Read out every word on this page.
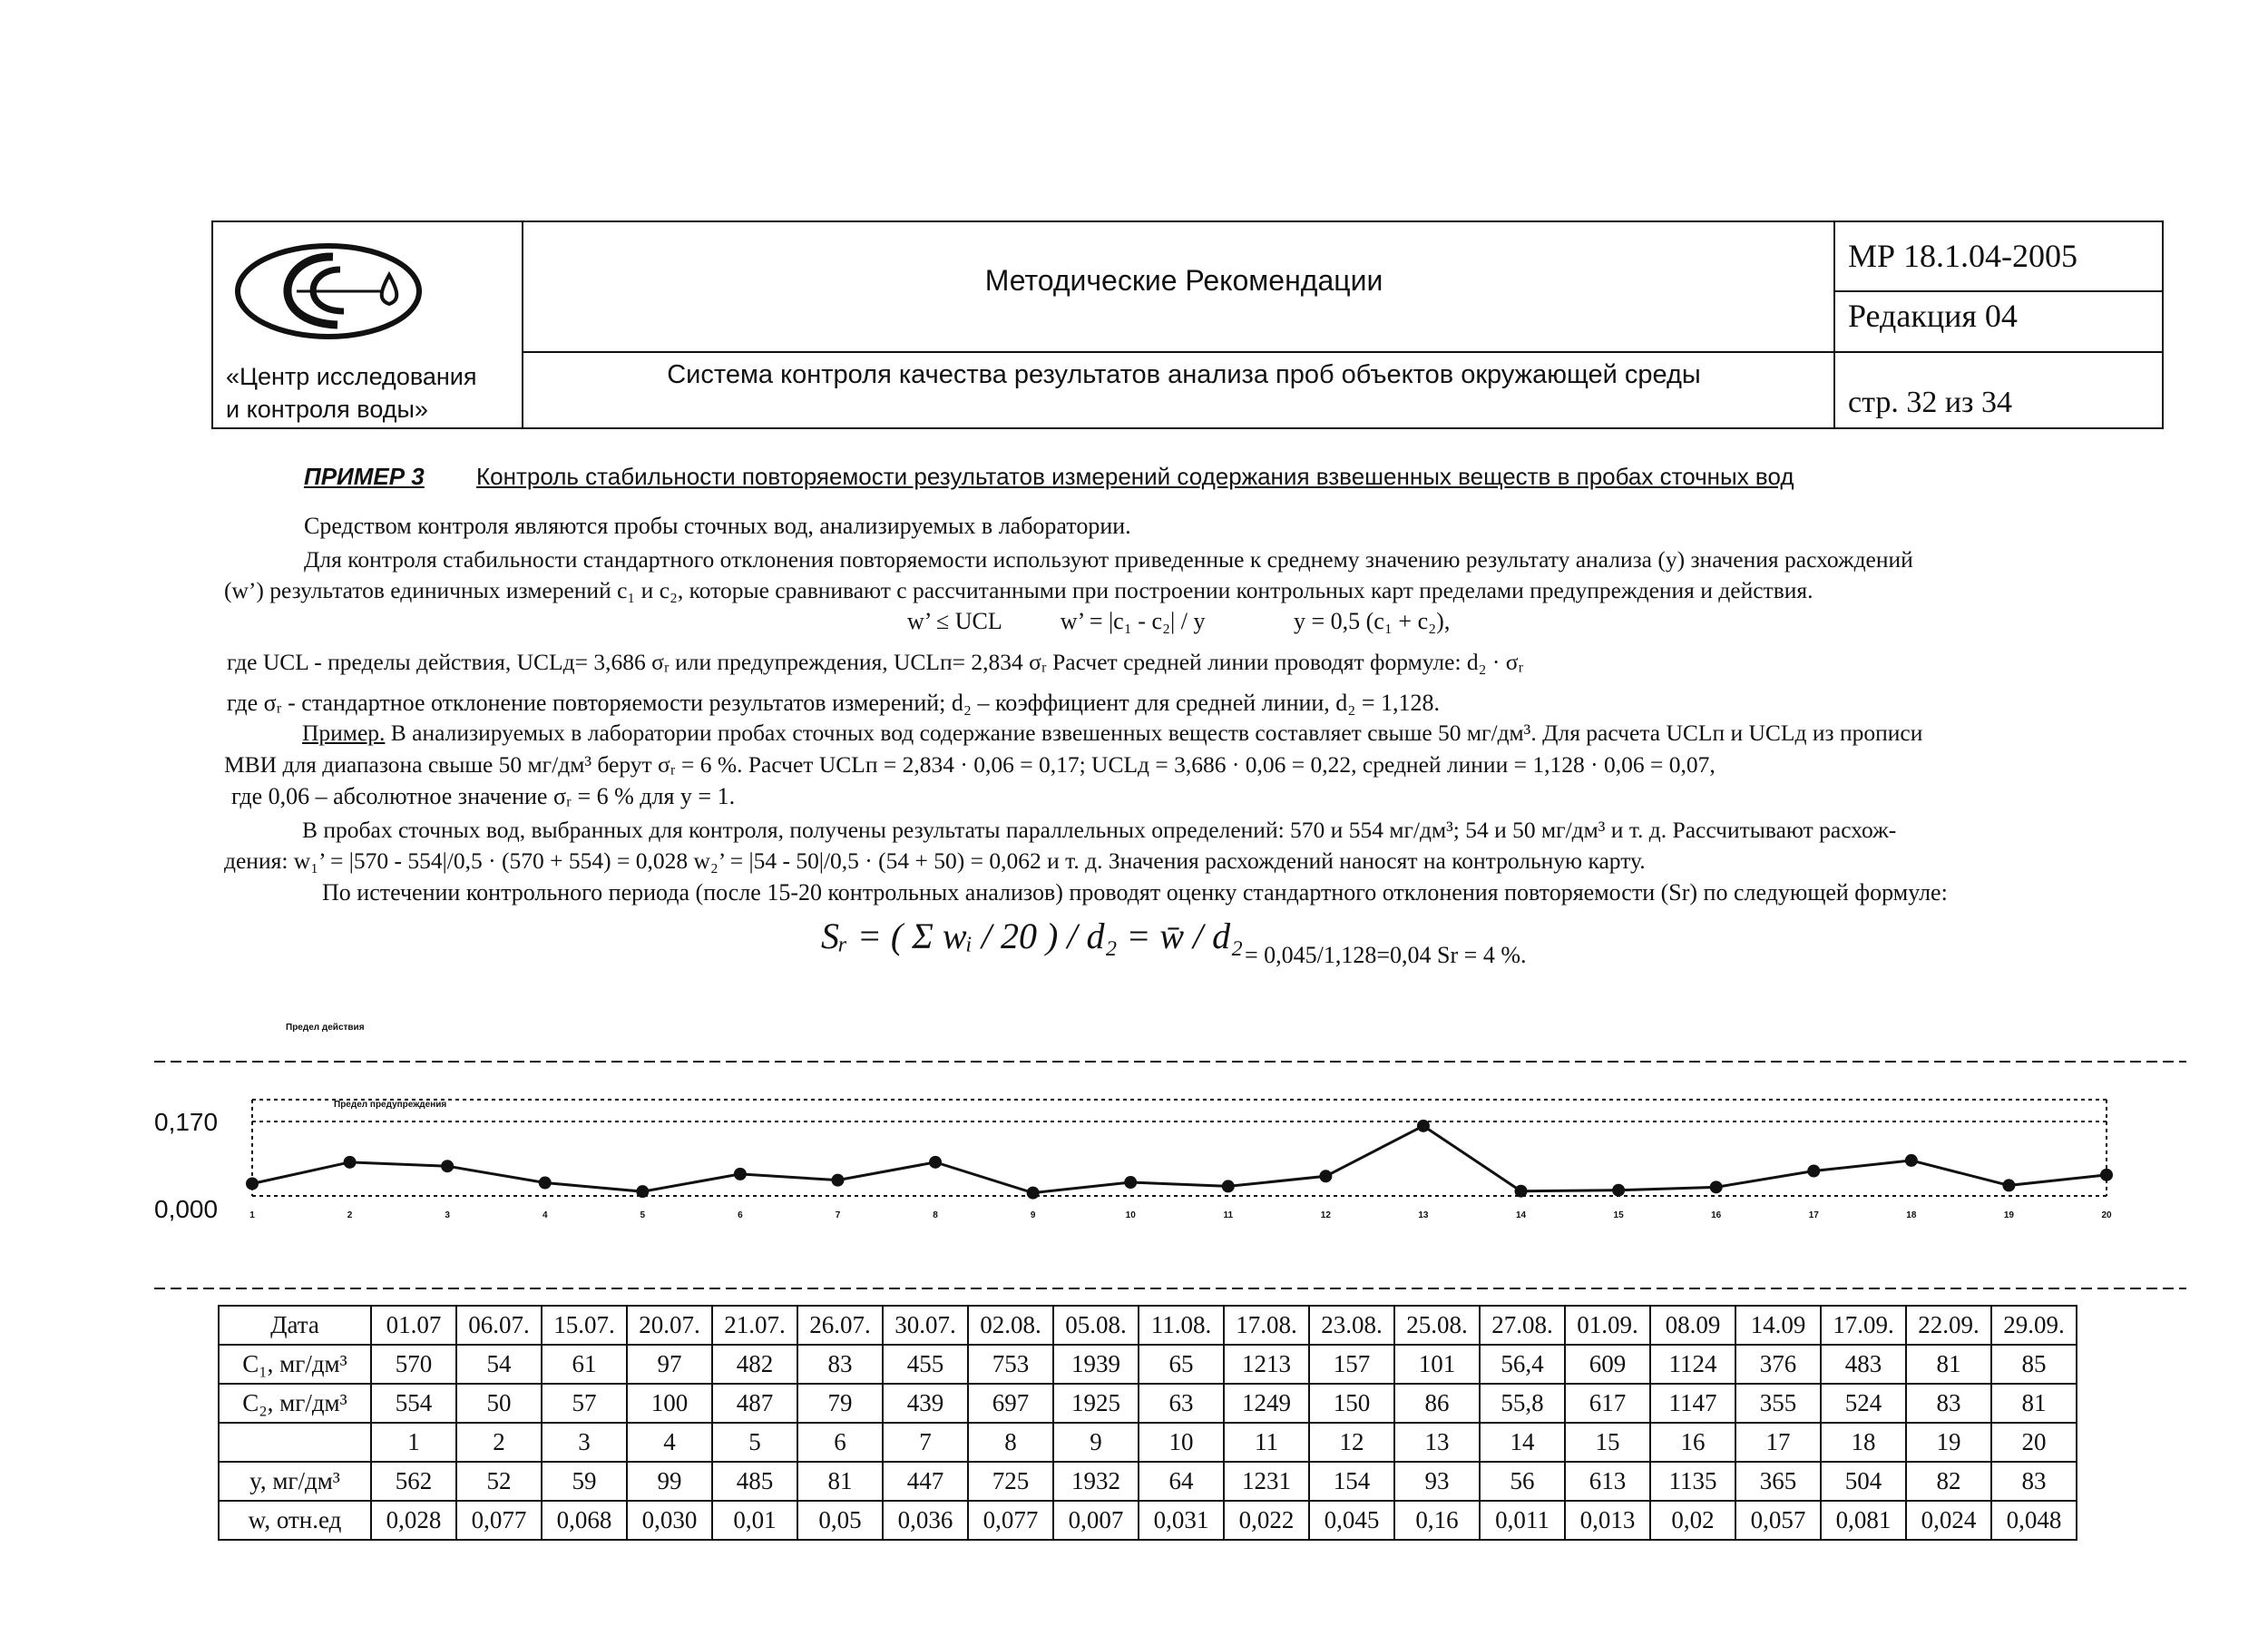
«Центр исследования
и контроля воды»
Методические Рекомендации
Система контроля качества результатов анализа проб объектов окружающей среды
МР 18.1.04-2005
Редакция 04
стр. 32 из 34
ПРИМЕР 3 Контроль стабильности повторяемости результатов измерений содержания взвешенных веществ в пробах сточных вод
Средством контроля являются пробы сточных вод, анализируемых в лаборатории.
Для контроля стабильности стандартного отклонения повторяемости используют приведенные к среднему значению результату анализа (у) значения расхождений
(w’) результатов единичных измерений c₁ и c₂, которые сравнивают с рассчитанными при построении контрольных карт пределами предупреждения и действия.
w’ ≤ UCL          w’ = |c₁ - c₂| / y               y = 0,5 (c₁ + c₂),
где UCL - пределы действия, UCLд= 3,686 σᵣ или предупреждения, UCLп= 2,834 σᵣ Расчет средней линии проводят формуле: d₂ · σᵣ
где σᵣ - стандартное отклонение повторяемости результатов измерений; d₂ – коэффициент для средней линии, d₂ = 1,128.
Пример. В анализируемых в лаборатории пробах сточных вод содержание взвешенных веществ составляет свыше 50 мг/дм³. Для расчета UCLп и UCLд из прописи
МВИ для диапазона свыше 50 мг/дм³ берут σᵣ = 6 %. Расчет UCLп = 2,834 · 0,06 = 0,17; UCLд = 3,686 · 0,06 = 0,22, средней линии = 1,128 · 0,06 = 0,07,
где 0,06 – абсолютное значение σᵣ = 6 % для y = 1.
В пробах сточных вод, выбранных для контроля, получены результаты параллельных определений: 570 и 554 мг/дм³; 54 и 50 мг/дм³ и т. д. Рассчитывают расхож-
дения: w₁’ = |570 - 554|/0,5 · (570 + 554) = 0,028 w₂’ = |54 - 50|/0,5 · (54 + 50) = 0,062 и т. д. Значения расхождений наносят на контрольную карту.
По истечении контрольного периода (после 15-20 контрольных анализов) проводят оценку стандартного отклонения повторяемости (Sr) по следующей формуле:
Sᵣ = ( Σ wᵢ / 20 ) / d₂ = w̄ / d₂ = 0,045/1,128=0,04 Sr = 4 %.
Предел действия
Предел предупреждения
0,170
0,000	1	2	3	4	5	6	7	8	9	10	11	12	13	14	15	16	17	18	19	20
Дата	01.07	06.07.	15.07.	20.07.	21.07.	26.07.	30.07.	02.08.	05.08.	11.08.	17.08.	23.08.	25.08.	27.08.	01.09.	08.09	14.09	17.09.	22.09.	29.09.
C₁, мг/дм³	570	54	61	97	482	83	455	753	1939	65	1213	157	101	56,4	609	1124	376	483	81	85
C₂, мг/дм³	554	50	57	100	487	79	439	697	1925	63	1249	150	86	55,8	617	1147	355	524	83	81
	1	2	3	4	5	6	7	8	9	10	11	12	13	14	15	16	17	18	19	20
y, мг/дм³	562	52	59	99	485	81	447	725	1932	64	1231	154	93	56	613	1135	365	504	82	83
w, отн.ед	0,028	0,077	0,068	0,030	0,01	0,05	0,036	0,077	0,007	0,031	0,022	0,045	0,16	0,011	0,013	0,02	0,057	0,081	0,024	0,048
